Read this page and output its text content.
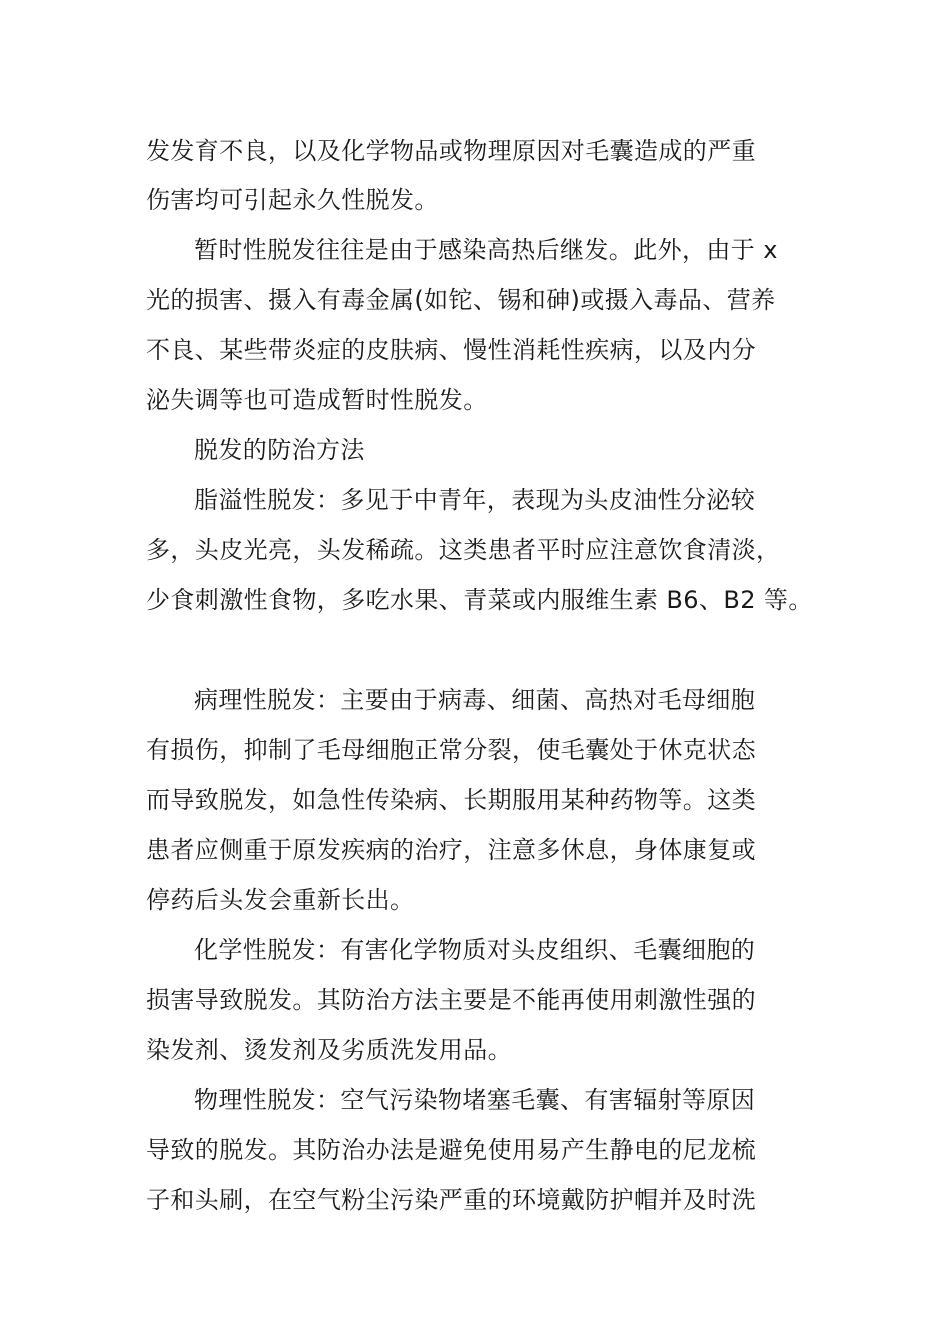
发发育不良，以及化学物品或物理原因对毛囊造成的严重
伤害均可引起永久性脱发。
暂时性脱发往往是由于感染高热后继发。此外，由于 x
光的损害、摄入有毒金属(如铊、锡和砷)或摄入毒品、营养
不良、某些带炎症的皮肤病、慢性消耗性疾病，以及内分
泌失调等也可造成暂时性脱发。
脱发的防治方法
脂溢性脱发：多见于中青年，表现为头皮油性分泌较
多，头皮光亮，头发稀疏。这类患者平时应注意饮食清淡，
少食刺激性食物，多吃水果、青菜或内服维生素 B6、B2 等。
病理性脱发：主要由于病毒、细菌、高热对毛母细胞
有损伤，抑制了毛母细胞正常分裂，使毛囊处于休克状态
而导致脱发，如急性传染病、长期服用某种药物等。这类
患者应侧重于原发疾病的治疗，注意多休息，身体康复或
停药后头发会重新长出。
化学性脱发：有害化学物质对头皮组织、毛囊细胞的
损害导致脱发。其防治方法主要是不能再使用刺激性强的
染发剂、烫发剂及劣质洗发用品。
物理性脱发：空气污染物堵塞毛囊、有害辐射等原因
导致的脱发。其防治办法是避免使用易产生静电的尼龙梳
子和头刷，在空气粉尘污染严重的环境戴防护帽并及时洗
